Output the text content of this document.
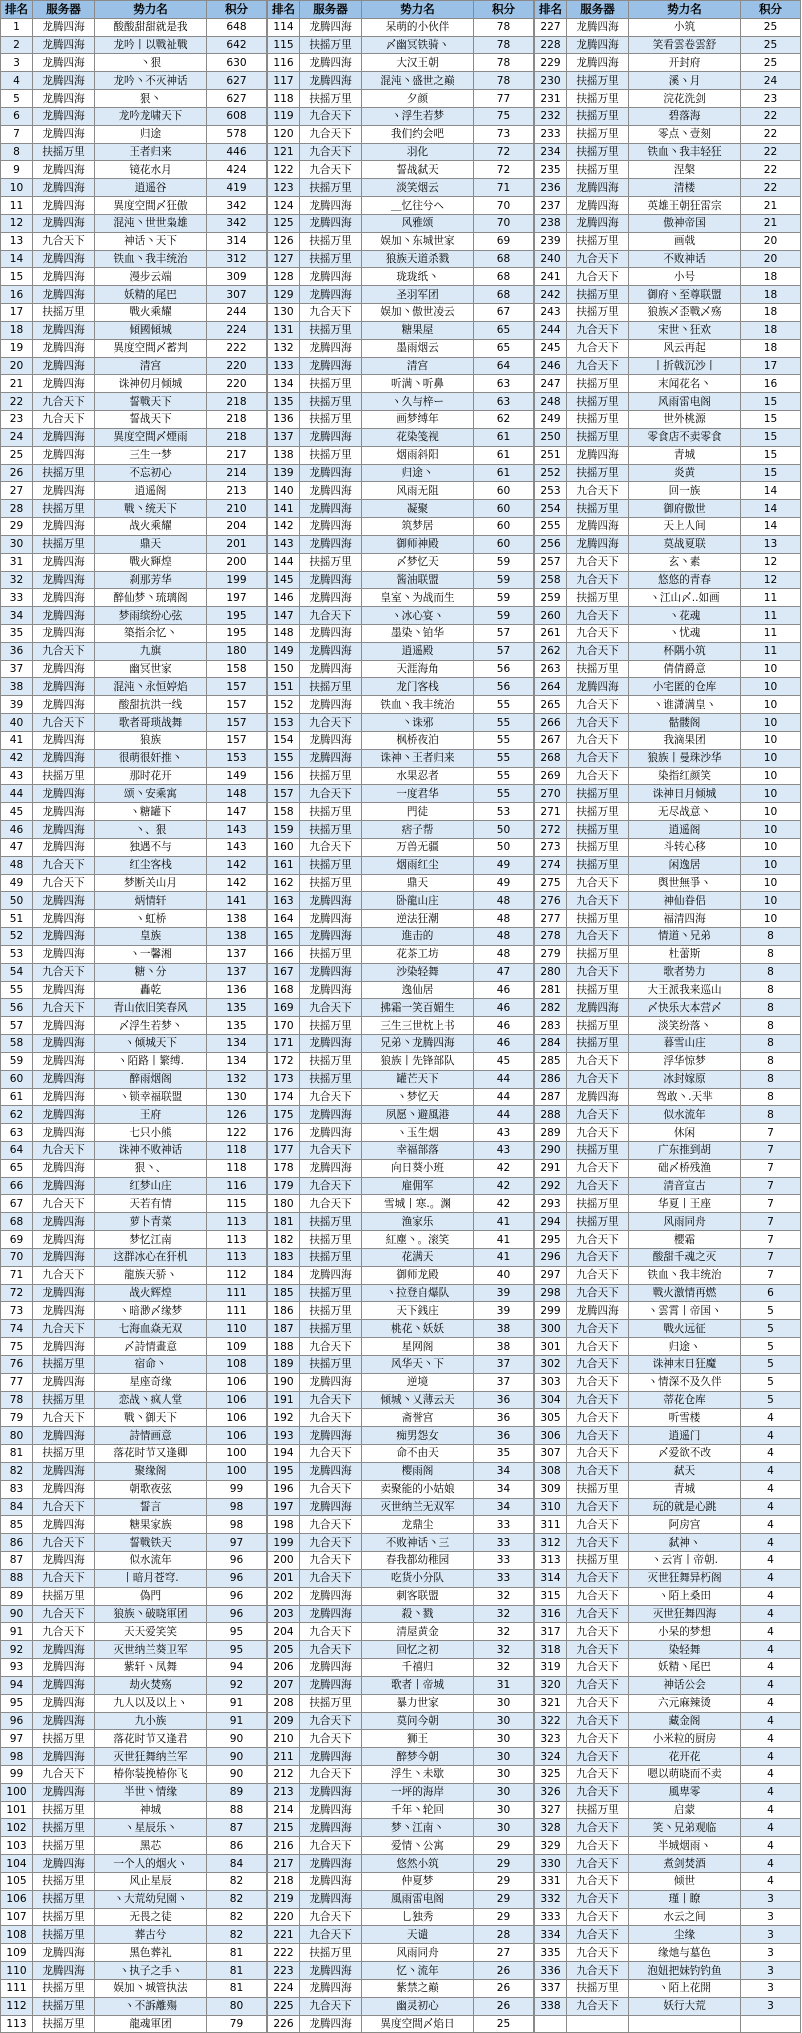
排名	服务器	势力名	积分
1	龙腾四海	酸酸甜甜就是我	648
2	龙腾四海	龙吟丨以戰祉戰	642
3	龙腾四海	丶狠	630
4	龙腾四海	龙吟丶不灭神话	627
5	龙腾四海	狠丶	627
6	龙腾四海	龙吟龙啸天下	608
7	龙腾四海	归途	578
8	扶摇万里	王者归来	446
9	龙腾四海	镜花水月	424
10	龙腾四海	逍遥谷	419
11	龙腾四海	異度空間〆狂傲	342
12	龙腾四海	混沌丶世世枭雄	342
13	九合天下	神话丶天下	314
14	龙腾四海	铁血丶我丰统治	312
15	龙腾四海	漫步云端	309
16	龙腾四海	妖精的尾巴	307
17	扶摇万里	戰火乘耀	244
18	龙腾四海	傾國傾城	224
19	龙腾四海	異度空間〆蓄判	222
20	龙腾四海	清宫	220
21	龙腾四海	诛神仞月倾城	220
22	九合天下	誓戰天下	218
23	九合天下	誓战天下	218
24	龙腾四海	異度空間〆煙雨	218
25	龙腾四海	三生一梦	217
26	扶摇万里	不忘初心	214
27	龙腾四海	逍遥阁	213
28	扶摇万里	戰丶统天下	210
29	龙腾四海	战火乘耀	204
30	扶摇万里	鼎天	201
31	龙腾四海	戰火輝煌	200
32	龙腾四海	刹那芳华	199
33	龙腾四海	醉仙梦丶琉璃阁	197
34	龙腾四海	梦雨缤纷心弦	195
35	龙腾四海	築指余忆丶	195
36	九合天下	九旗	180
37	龙腾四海	幽冥世家	158
38	龙腾四海	混沌丶永恒婷焰	157
39	龙腾四海	酸甜抗洪一线	157
40	九合天下	歌者哥琐战舞	157
41	龙腾四海	狼族	157
42	龙腾四海	很萌很奸推丶	153
43	扶摇万里	那时花开	149
44	龙腾四海	颂丶安乘寓	148
45	龙腾四海	ヽ糖罐下	147
46	龙腾四海	丶、狠	143
47	龙腾四海	独遇不与	143
48	九合天下	红尘客栈	142
49	九合天下	梦断关山月	142
50	龙腾四海	炳情轩	141
51	龙腾四海	ヽ虹桥	138
52	龙腾四海	皇族	138
53	龙腾四海	ヽ一馨湘	137
54	九合天下	糖丶分	137
55	龙腾四海	轟乾	136
56	九合天下	青山依旧笑春风	135
57	龙腾四海	〆浮生若梦丶	135
58	龙腾四海	ヽ倾城天下	134
59	龙腾四海	ヽ陌路丨繁缚.	134
60	龙腾四海	醉雨烟阁	132
61	龙腾四海	ヽ锁幸福联盟	130
62	龙腾四海	王府	126
63	龙腾四海	七只小熊	122
64	九合天下	诛神不败神话	118
65	龙腾四海	狠丶、	118
66	龙腾四海	红梦山庄	116
67	九合天下	天若有情	115
68	龙腾四海	萝卜青菜	113
69	龙腾四海	梦忆江南	113
70	龙腾四海	这群冰心在犴机	113
71	九合天下	龍族天骄ヽ	112
72	龙腾四海	战火辉煌	111
73	龙腾四海	ヽ暗渺〆缘梦	111
74	九合天下	七海血焱无双	110
75	龙腾四海	〆詩情畫意	109
76	扶摇万里	宿命丶	108
77	龙腾四海	星座奇缘	106
78	扶摇万里	恋战丶疯人堂	106
79	九合天下	戰丶御天下	106
80	龙腾四海	詩情画意	106
81	扶摇万里	落花时节又逢卿	100
82	龙腾四海	聚缘阁	100
83	龙腾四海	朝歌夜弦	99
84	九合天下	誓言	98
85	龙腾四海	糖果家族	98
86	九合天下	誓戰铁天	97
87	龙腾四海	似水流年	96
88	九合天下	丨暗月苍穹.	96
89	扶摇万里	偽門	96
90	九合天下	狼族丶破晓軍团	96
91	九合天下	天天爱笑笑	95
92	龙腾四海	灭世纳兰葵卫军	95
93	龙腾四海	紫轩ヽ凤舞	94
94	龙腾四海	劫火焚殇	92
95	龙腾四海	九人以及以上ヽ	91
96	龙腾四海	九小族	91
97	扶摇万里	落花时节又逢君	90
98	龙腾四海	灭世狂舞纳兰军	90
99	九合天下	椿你装挽椿你飞	90
100	龙腾四海	半世丶情缘	89
101	扶摇万里	神城	88
102	扶摇万里	ヽ星辰乐丶	87
103	扶摇万里	黑芯	86
104	龙腾四海	一个人的烟火ヽ	84
105	扶摇万里	风止星辰	82
106	扶摇万里	ヽ大荒幼兒園ヽ	82
107	扶摇万里	无畏之徒	82
108	扶摇万里	葬古兮	82
109	龙腾四海	黑色葬礼	81
110	龙腾四海	ヽ执子之手ヽ	81
111	扶摇万里	娱加丶城管执法	81
112	扶摇万里	ヽ不訴離殤	80
113	扶摇万里	龍魂軍团	79
排名	服务器	势力名	积分
114	龙腾四海	呆萌的小伙伴	78
115	扶摇万里	〆幽冥铁骑ヽ	78
116	龙腾四海	大汉王朝	78
117	龙腾四海	混沌丶盛世之巅	78
118	扶摇万里	夕颜	77
119	九合天下	ヽ浮生若梦	75
120	九合天下	我们约会吧	73
121	九合天下	羽化	72
122	九合天下	誓战弑天	72
123	扶摇万里	淡笑烟云	71
124	龙腾四海	＿忆往兮ヘ	70
125	龙腾四海	风雅颂	70
126	扶摇万里	娱加丶东城世家	69
127	扶摇万里	狼族天道杀戮	68
128	龙腾四海	珑珑纸丶	68
129	龙腾四海	圣羽军团	68
130	九合天下	娱加丶傲世凌云	67
131	扶摇万里	糖果屋	65
132	龙腾四海	墨雨烟云	65
133	龙腾四海	清宫	64
134	扶摇万里	听满丶听鼻	63
135	扶摇万里	ヽ久与梓ー	63
136	扶摇万里	画梦缚年	62
137	龙腾四海	花染笺视	61
138	扶摇万里	烟雨斜阳	61
139	龙腾四海	归途丶	61
140	龙腾四海	风雨无阻	60
141	龙腾四海	凝聚	60
142	龙腾四海	筑梦居	60
143	龙腾四海	御师神殿	60
144	扶摇万里	〆梦忆天	59
145	龙腾四海	酱油联盟	59
146	龙腾四海	皇室丶为战而生	59
147	九合天下	ヽ冰心宴ヽ	59
148	龙腾四海	墨染丶铂华	57
149	龙腾四海	逍遥殿	57
150	龙腾四海	天涯海角	56
151	扶摇万里	龙门客栈	56
152	龙腾四海	铁血丶我丰统治	55
153	九合天下	丶诛邪	55
154	龙腾四海	枫桥夜泊	55
155	龙腾四海	诛神丶王者归来	55
156	扶摇万里	水果忍者	55
157	九合天下	一度君华	55
158	扶摇万里	門徒	53
159	扶摇万里	痞子帮	50
160	九合天下	万兽无疆	50
161	扶摇万里	烟雨红尘	49
162	扶摇万里	鼎天	49
163	龙腾四海	卧龍山庄	48
164	龙腾四海	逆法狂潮	48
165	龙腾四海	進击的	48
166	扶摇万里	花茶工坊	48
167	龙腾四海	沙染轻舞	47
168	龙腾四海	逸仙居	46
169	九合天下	拂霜一笑百媚生	46
170	扶摇万里	三生三世枕上书	46
171	龙腾四海	兄弟丶龙腾四海	46
172	扶摇万里	狼族丨先锋部队	45
173	扶摇万里	罐芒天下	44
174	九合天下	ヽ梦忆天	44
175	龙腾四海	夙愿丶避風港	44
176	龙腾四海	ヽ玉生烟	43
177	九合天下	幸福部落	43
178	龙腾四海	向日葵小班	42
179	九合天下	雇佣军	42
180	九合天下	雪城丨寒.。渊	42
181	扶摇万里	渔家乐	41
182	扶摇万里	紅塵丶。滚笑	41
183	扶摇万里	花满天	41
184	龙腾四海	御师龙殿	40
185	扶摇万里	ヽ拉登自爆队	39
186	扶摇万里	天下銭庄	39
187	扶摇万里	桃花丶妖妖	38
188	九合天下	星网阁	38
189	扶摇万里	风华天丶下	37
190	龙腾四海	逆境	37
191	九合天下	倾城丶乂薄云天	36
192	九合天下	斋誉宫	36
193	龙腾四海	痴男怨女	36
194	九合天下	命不由天	35
195	龙腾四海	樱雨阁	34
196	九合天下	卖聚能的小姑娘	34
197	龙腾四海	灭世纳兰无双军	34
198	九合天下	龙鼎尘	33
199	九合天下	不败神话丶三	33
200	九合天下	春我都幼稚园	33
201	九合天下	吃货小分队	33
202	龙腾四海	刺客联盟	32
203	龙腾四海	殺丶戮	32
204	九合天下	清屋黄金	32
205	九合天下	回忆之初	32
206	龙腾四海	千禧归	32
207	龙腾四海	歌者丨帝城	31
208	扶摇万里	暴力世家	30
209	九合天下	莫问今朝	30
210	九合天下	狮王	30
211	龙腾四海	醉梦今朝	30
212	九合天下	浮生丶未歇	30
213	龙腾四海	一坪的海岸	30
214	龙腾四海	千年丶轮回	30
215	龙腾四海	梦丶江南丶	30
216	九合天下	爱情丶公寓	29
217	龙腾四海	悠然小筑	29
218	龙腾四海	仲夏梦	29
219	龙腾四海	風雨雷电阁	29
220	九合天下	乚独秀	29
221	九合天下	天谴	28
222	扶摇万里	风雨同舟	27
223	龙腾四海	忆丶流年	26
224	龙腾四海	紫禁之巅	26
225	九合天下	幽灵初心	26
226	龙腾四海	異度空間〆焰日	25
排名	服务器	势力名	积分
227	龙腾四海	小筑	25
228	龙腾四海	笑看雲卷雲舒	25
229	龙腾四海	开封府	25
230	扶摇万里	溪ヽ月	24
231	扶摇万里	浣花洗剑	23
232	扶摇万里	碧落海	22
233	扶摇万里	零点丶壹刻	22
234	扶摇万里	铁血丶我丰轻狂	22
235	扶摇万里	涅槃	22
236	龙腾四海	清楼	22
237	龙腾四海	英雄王朝狂雷宗	21
238	龙腾四海	傲神帝国	21
239	扶摇万里	画戟	20
240	九合天下	不败神话	20
241	九合天下	小号	18
242	扶摇万里	御府丶至尊联盟	18
243	扶摇万里	狼族乄歪戰乄殇	18
244	九合天下	宋世丶狂欢	18
245	九合天下	风云再起	18
246	九合天下	丨折戟沉沙丨	17
247	扶摇万里	末闻花名丶	16
248	扶摇万里	风雨雷电阁	15
249	扶摇万里	世外桃源	15
250	扶摇万里	零食店不卖零食	15
251	龙腾四海	青城	15
252	扶摇万里	炎黄	15
253	九合天下	回一族	14
254	扶摇万里	御府傲世	14
255	龙腾四海	天上人间	14
256	龙腾四海	莫战夏联	13
257	九合天下	玄丶素	12
258	九合天下	悠悠的青春	12
259	扶摇万里	ヽ江山〆..如画	11
260	九合天下	ヽ花魂	11
261	九合天下	ヽ忧魂	11
262	九合天下	杯隅小筑	11
263	扶摇万里	倩倩爵意	10
264	龙腾四海	小宅匿的仓库	10
265	九合天下	ヽ谁潇满皇ヽ	10
266	九合天下	骷髅阁	10
267	九合天下	我滴果团	10
268	九合天下	狼族丨曼珠沙华	10
269	九合天下	染指红颜笑	10
270	扶摇万里	诛神日月倾城	10
271	扶摇万里	无尽战意丶	10
272	扶摇万里	逍遥阁	10
273	扶摇万里	斗转心移	10
274	扶摇万里	闲逸居	10
275	九合天下	舆世無爭ヽ	10
276	九合天下	神仙眷侣	10
277	扶摇万里	福清四海	10
278	九合天下	情道丶兄弟	8
279	扶摇万里	杜蕾斯	8
280	九合天下	歌者势力	8
281	扶摇万里	大王派我来巡山	8
282	龙腾四海	〆快乐大本营〆	8
283	扶摇万里	淡笑纷落丶	8
284	扶摇万里	暮雪山庄	8
285	九合天下	浮华惊梦	8
286	九合天下	冰封嫁原	8
287	龙腾四海	驾敢丶.天芈	8
288	九合天下	似水流年	8
289	九合天下	休闲	7
290	扶摇万里	广东推到胡	7
291	九合天下	础〆桥残渔	7
292	九合天下	清音宣古	7
293	扶摇万里	华夏丨王座	7
294	扶摇万里	风雨同舟	7
295	九合天下	櫻霜	7
296	九合天下	酸甜千魂之灭	7
297	九合天下	铁血丶我丰统治	7
298	九合天下	戰火激情再燃	6
299	龙腾四海	ヽ雲霄丨帝国ヽ	5
300	九合天下	戰火远征	5
301	九合天下	归途ヽ	5
302	九合天下	诛神末日狂魔	5
303	九合天下	ヽ情深不及久伴	5
304	九合天下	蒂花仓库	5
305	九合天下	听雪楼	4
306	九合天下	逍遥门	4
307	九合天下	〆爱欲不改	4
308	九合天下	弑天	4
309	扶摇万里	青城	4
310	九合天下	玩的就是心跳	4
311	九合天下	阿房宫	4
312	九合天下	弑神ヽ	4
313	扶摇万里	ヽ云宵丨帝朝.	4
314	九合天下	灭世狂舞异朽阁	4
315	九合天下	ヽ陌上桑田	4
316	九合天下	灭世狂舞四海	4
317	九合天下	小呆的梦想	4
318	九合天下	染轻舞	4
319	九合天下	妖精丶尾巴	4
320	九合天下	神话公会	4
321	九合天下	六元麻辣烫	4
322	九合天下	藏金阁	4
323	九合天下	小米粒的厨房	4
324	九合天下	花开花	4
325	九合天下	嗯以萌晓而不卖	4
326	九合天下	風卑零	4
327	扶摇万里	启蒙	4
328	九合天下	笑丶兄弟观临	4
329	九合天下	半城烟雨ヽ	4
330	九合天下	煮剑焚酒	4
331	九合天下	倾世	4
332	九合天下	瑾丨瞭	3
333	九合天下	水云之间	3
334	九合天下	尘缘	3
335	九合天下	缘灺与墓色	3
336	九合天下	泡妞把妹钓钓鱼	3
337	扶摇万里	ヽ陌上花開	3
338	九合天下	妖行大荒	3
